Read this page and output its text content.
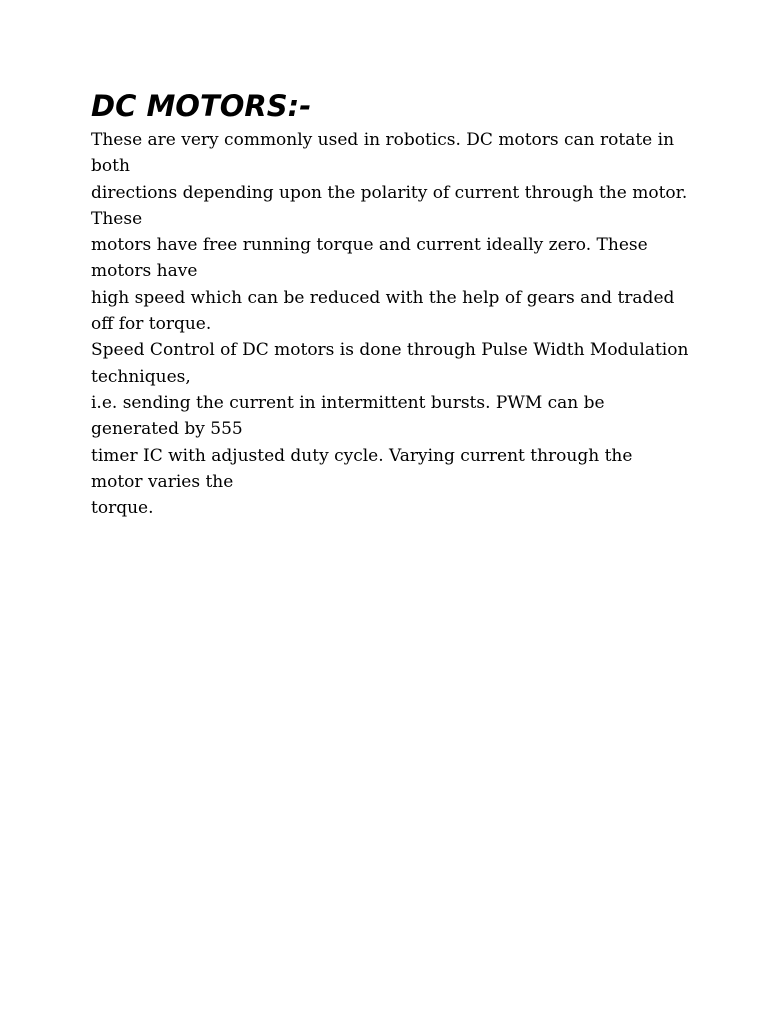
DC MOTORS:-
These are very commonly used in robotics. DC motors can rotate in
both
directions depending upon the polarity of current through the motor.
These
motors have free running torque and current ideally zero. These
motors have
high speed which can be reduced with the help of gears and traded
off for torque.
Speed Control of DC motors is done through Pulse Width Modulation
techniques,
i.e. sending the current in intermittent bursts. PWM can be
generated by 555
timer IC with adjusted duty cycle. Varying current through the
motor varies the
torque.
